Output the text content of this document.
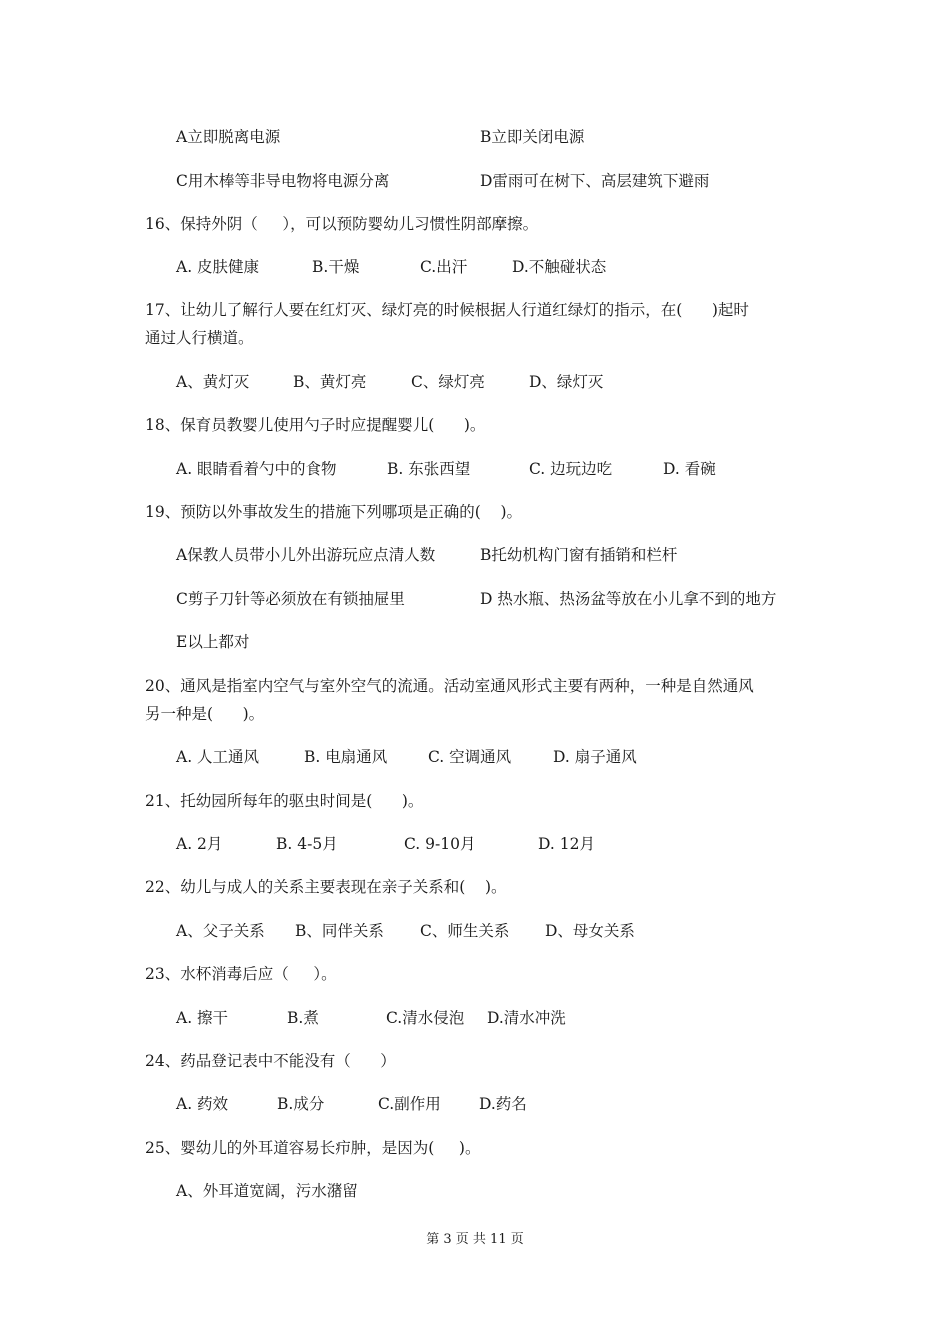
A立即脱离电源	B立即关闭电源
C用木棒等非导电物将电源分离	D雷雨可在树下、高层建筑下避雨
16、保持外阴（     ），可以预防婴幼儿习惯性阴部摩擦。
A. 皮肤健康	B.干燥	C.出汗	D.不触碰状态
17、让幼儿了解行人要在红灯灭、绿灯亮的时候根据人行道红绿灯的指示，在(      )起时
通过人行横道。
A、黄灯灭	B、黄灯亮	C、绿灯亮	D、绿灯灭
18、保育员教婴儿使用勺子时应提醒婴儿(      )。
A. 眼睛看着勺中的食物	B. 东张西望	C. 边玩边吃	D. 看碗
19、预防以外事故发生的措施下列哪项是正确的(    )。
A保教人员带小儿外出游玩应点清人数	B托幼机构门窗有插销和栏杆
C剪子刀针等必须放在有锁抽屉里	D 热水瓶、热汤盆等放在小儿拿不到的地方
E以上都对
20、通风是指室内空气与室外空气的流通。活动室通风形式主要有两种，一种是自然通风
另一种是(      )。
A. 人工通风	B. 电扇通风	C. 空调通风	D. 扇子通风
21、托幼园所每年的驱虫时间是(      )。
A. 2月	B. 4-5月	C. 9-10月	D. 12月
22、幼儿与成人的关系主要表现在亲子关系和(    )。
A、父子关系 B、同伴关系 C、师生关系 D、母女关系
23、水杯消毒后应（     ）。
A. 擦干	B.煮	C.清水侵泡 D.清水冲洗
24、药品登记表中不能没有（      ）
A. 药效	B.成分	C.副作用 D.药名
25、婴幼儿的外耳道容易长疖肿，是因为(     )。
A、外耳道宽阔，污水潴留
第 3 页 共 11 页
